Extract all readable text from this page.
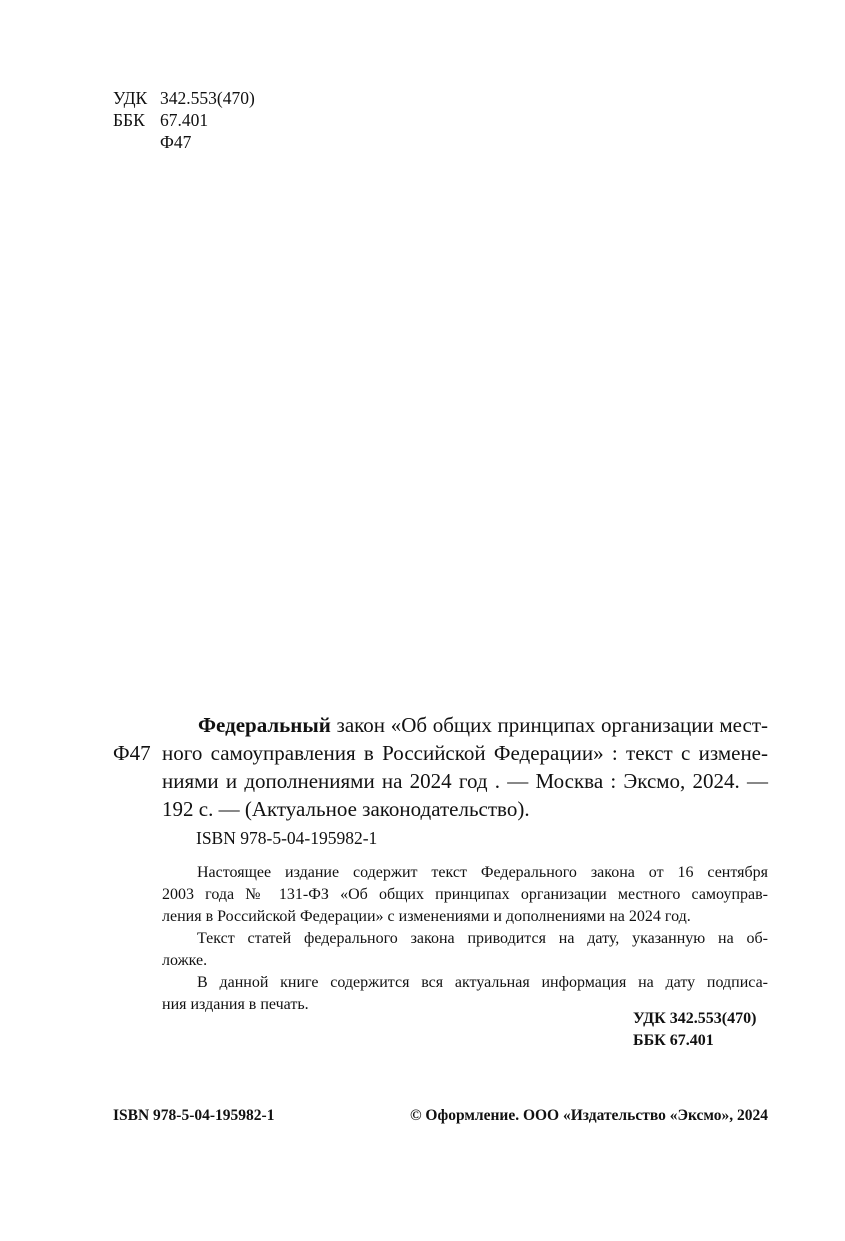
УДК 342.553(470)
ББК 67.401
Ф47
Ф47
Федеральный закон «Об общих принципах организации мест-
ного самоуправления в Российской Федерации» : текст с измене-
ниями и дополнениями на 2024 год . — Москва : Эксмо, 2024. —
192 с. — (Актуальное законодательство).
ISBN 978-5-04-195982-1
Настоящее издание содержит текст Федерального закона от 16 сентября
2003 года № 131-ФЗ «Об общих принципах организации местного самоуправ-
ления в Российской Федерации» с изменениями и дополнениями на 2024 год.
Текст статей федерального закона приводится на дату, указанную на об-
ложке.
В данной книге содержится вся актуальная информация на дату подписа-
ния издания в печать.
УДК 342.553(470)
ББК 67.401
ISBN 978-5-04-195982-1	© Оформление. ООО «Издательство «Эксмо», 2024
